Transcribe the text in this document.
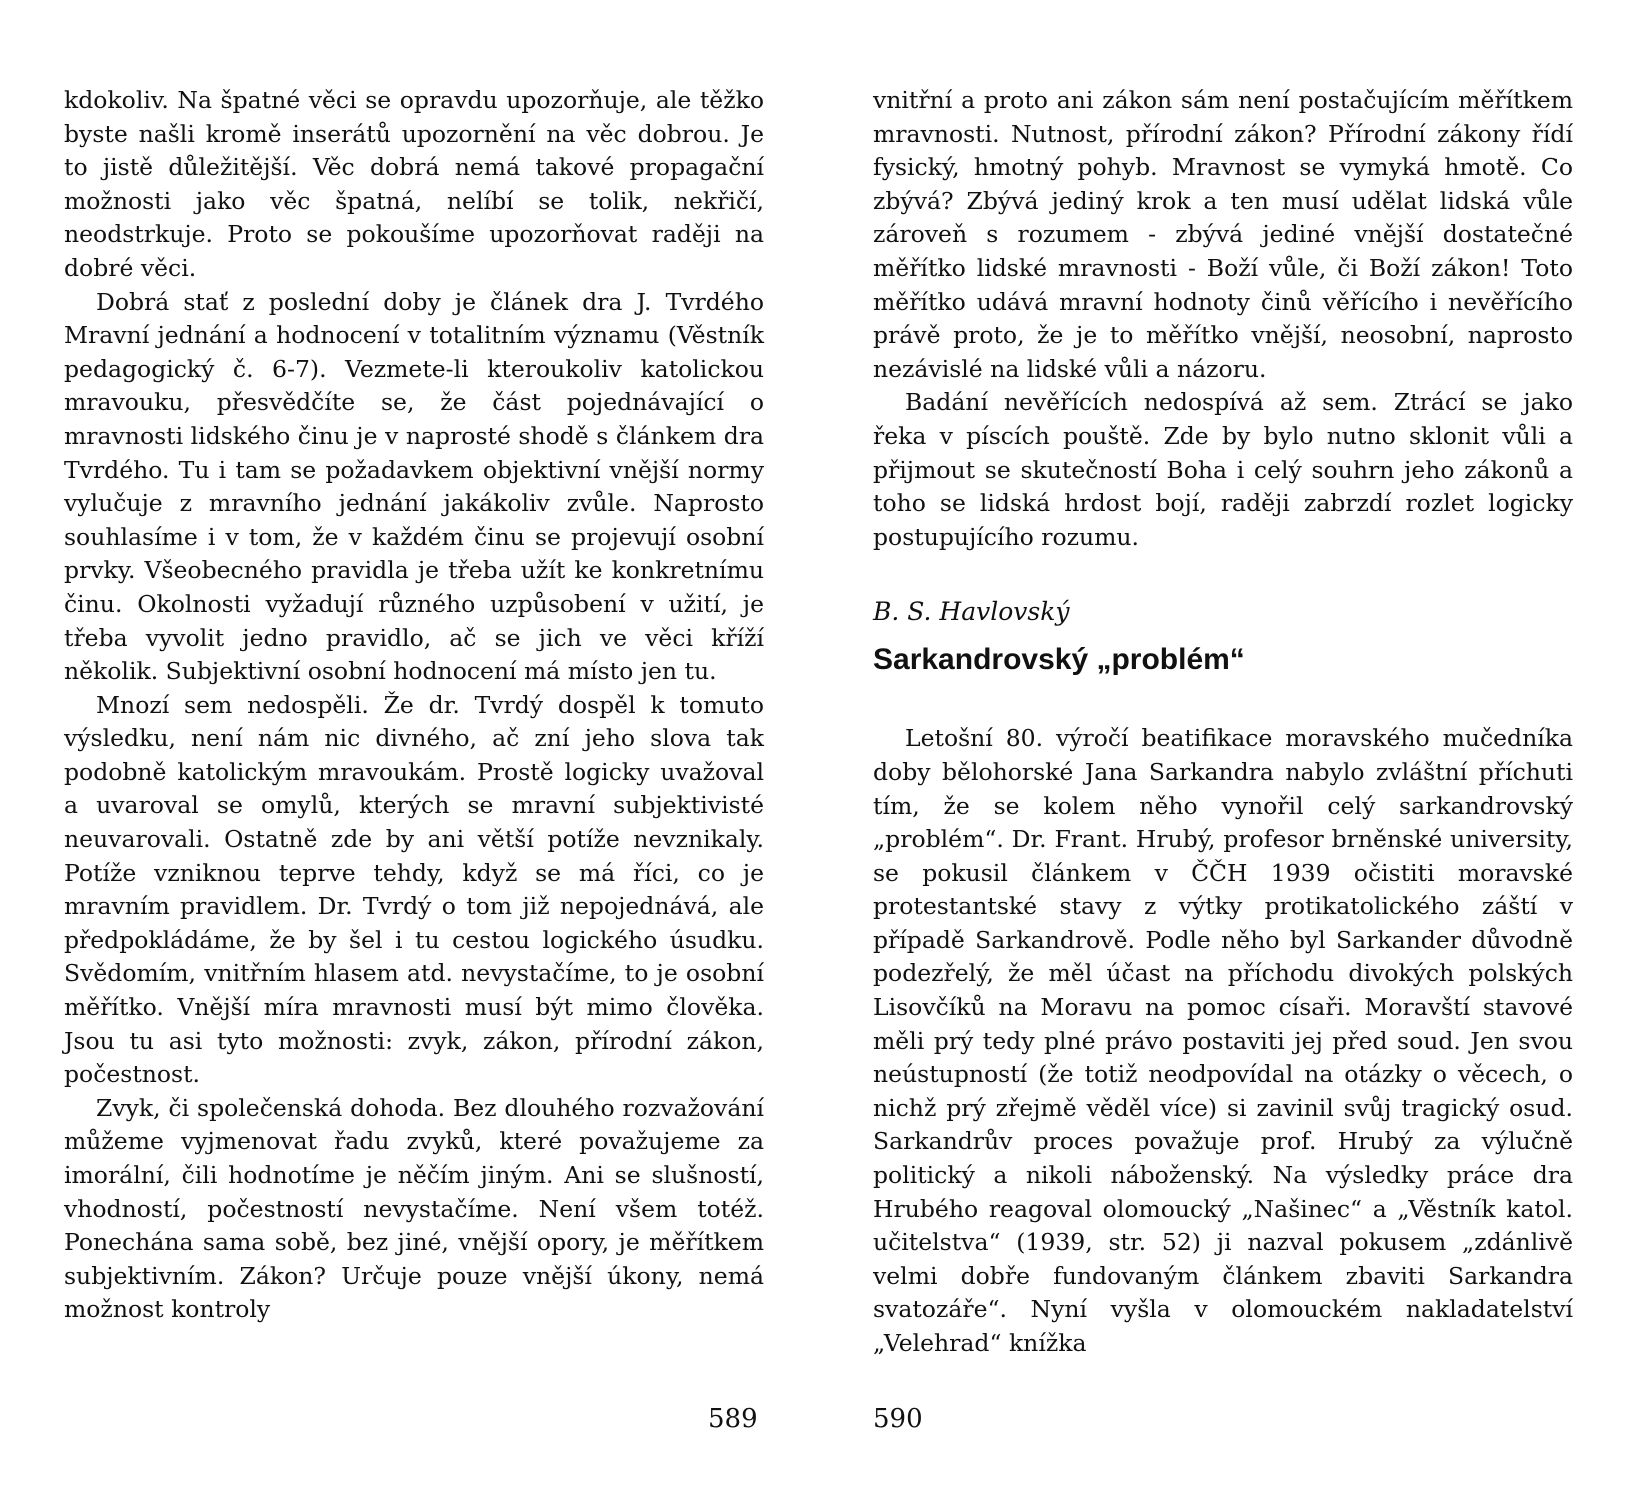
kdokoliv. Na špatné věci se opravdu upozorňuje, ale těžko byste našli kromě inserátů upozornění na věc dobrou. Je to jistě důležitější. Věc dobrá nemá takové propagační možnosti jako věc špatná, nelíbí se tolik, nekřičí, neodstrkuje. Proto se pokoušíme upozorňovat raději na dobré věci.

Dobrá stať z poslední doby je článek dra J. Tvrdého Mravní jednání a hodnocení v totalitním významu (Věstník pedagogický č. 6-7). Vezmete-li kteroukoliv katolickou mravouku, přesvědčíte se, že část pojednávající o mravnosti lidského činu je v naprosté shodě s článkem dra Tvrdého. Tu i tam se požadavkem objektivní vnější normy vylučuje z mravního jednání jakákoliv zvůle. Naprosto souhlasíme i v tom, že v každém činu se projevují osobní prvky. Všeobecného pravidla je třeba užít ke konkretnímu činu. Okolnosti vyžadují různého uzpůsobení v užití, je třeba vyvolit jedno pravidlo, ač se jich ve věci kříží několik. Subjektivní osobní hodnocení má místo jen tu.

Mnozí sem nedospěli. Že dr. Tvrdý dospěl k tomuto výsledku, není nám nic divného, ač zní jeho slova tak podobně katolickým mravoukám. Prostě logicky uvažoval a uvaroval se omylů, kterých se mravní subjektivisté neuvarovali. Ostatně zde by ani větší potíže nevznikaly. Potíže vzniknou teprve tehdy, když se má říci, co je mravním pravidlem. Dr. Tvrdý o tom již nepojednává, ale předpokládáme, že by šel i tu cestou logického úsudku. Svědomím, vnitřním hlasem atd. nevystačíme, to je osobní měřítko. Vnější míra mravnosti musí být mimo člověka. Jsou tu asi tyto možnosti: zvyk, zákon, přírodní zákon, počestnost.

Zvyk, či společenská dohoda. Bez dlouhého rozvažování můžeme vyjmenovat řadu zvyků, které považujeme za imorální, čili hodnotíme je něčím jiným. Ani se slušností, vhodností, počestností nevystačíme. Není všem totéž. Ponechána sama sobě, bez jiné, vnější opory, je měřítkem subjektivním. Zákon? Určuje pouze vnější úkony, nemá možnost kontroly

589

vnitřní a proto ani zákon sám není postačujícím měřítkem mravnosti. Nutnost, přírodní zákon? Přírodní zákony řídí fysický, hmotný pohyb. Mravnost se vymyká hmotě. Co zbývá? Zbývá jediný krok a ten musí udělat lidská vůle zároveň s rozumem - zbývá jediné vnější dostatečné měřítko lidské mravnosti - Boží vůle, či Boží zákon! Toto měřítko udává mravní hodnoty činů věřícího i nevěřícího právě proto, že je to měřítko vnější, neosobní, naprosto nezávislé na lidské vůli a názoru.

Badání nevěřících nedospívá až sem. Ztrácí se jako řeka v píscích pouště. Zde by bylo nutno sklonit vůli a přijmout se skutečností Boha i celý souhrn jeho zákonů a toho se lidská hrdost bojí, raději zabrzdí rozlet logicky postupujícího rozumu.

B. S. Havlovský
Sarkandrovský „problém“

Letošní 80. výročí beatifikace moravského mučedníka doby bělohorské Jana Sarkandra nabylo zvláštní příchuti tím, že se kolem něho vynořil celý sarkandrovský „problém“. Dr. Frant. Hrubý, profesor brněnské university, se pokusil článkem v ČČH 1939 očistiti moravské protestantské stavy z výtky protikatolického záští v případě Sarkandrově. Podle něho byl Sarkander důvodně podezřelý, že měl účast na příchodu divokých polských Lisovčíků na Moravu na pomoc císaři. Moravští stavové měli prý tedy plné právo postaviti jej před soud. Jen svou neústupností (že totiž neodpovídal na otázky o věcech, o nichž prý zřejmě věděl více) si zavinil svůj tragický osud. Sarkandrův proces považuje prof. Hrubý za výlučně politický a nikoli náboženský. Na výsledky práce dra Hrubého reagoval olomoucký „Našinec“ a „Věstník katol. učitelstva“ (1939, str. 52) ji nazval pokusem „zdánlivě velmi dobře fundovaným článkem zbaviti Sarkandra svatozáře“. Nyní vyšla v olomouckém nakladatelství „Velehrad“ knížka

590
